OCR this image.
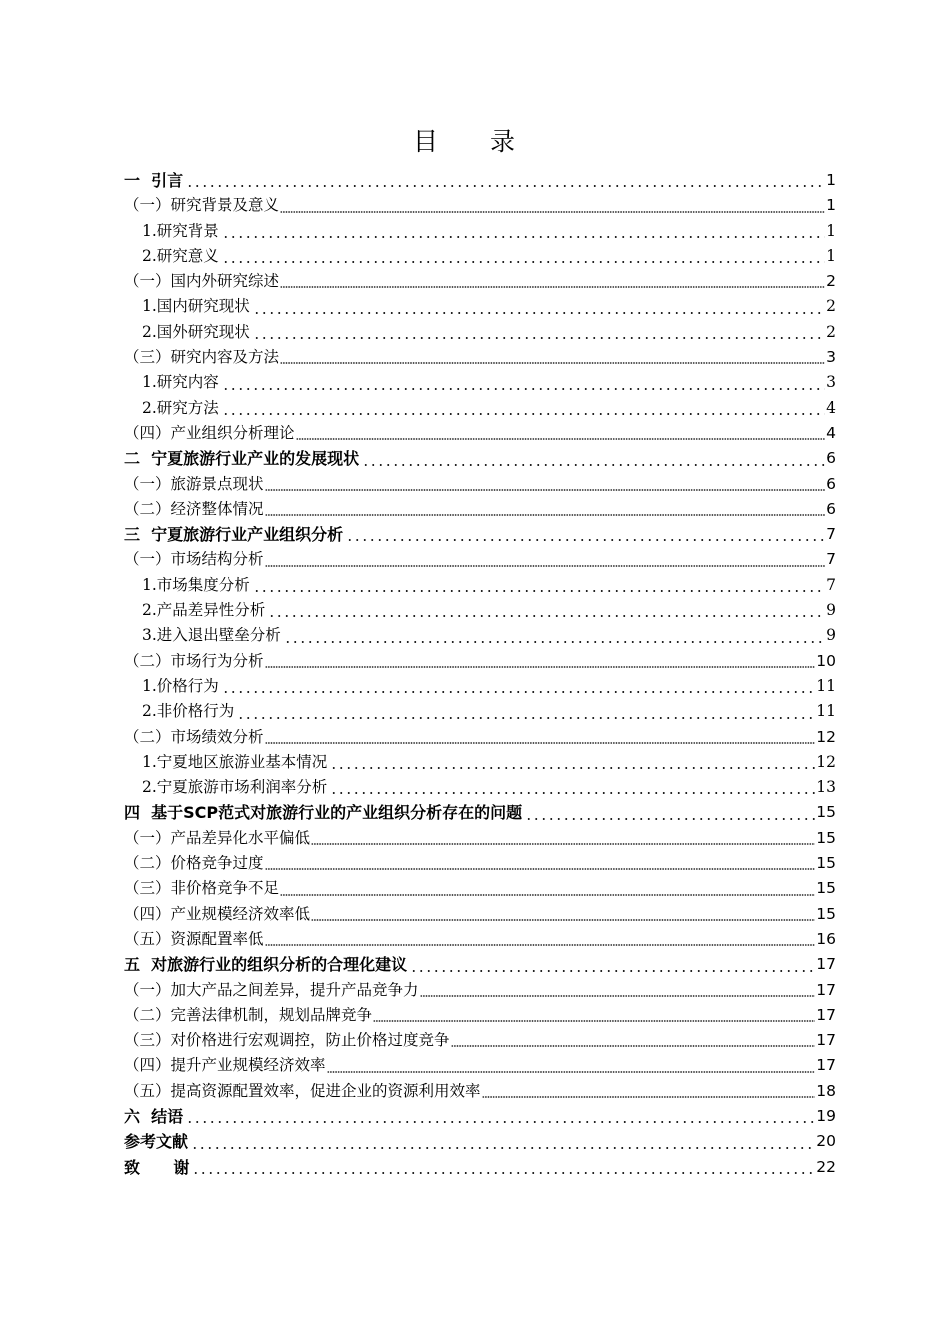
目 录
一  引言	1
（一）研究背景及意义	1
1.研究背景	1
2.研究意义	1
（一）国内外研究综述	2
1.国内研究现状	2
2.国外研究现状	2
（三）研究内容及方法	3
1.研究内容	3
2.研究方法	4
（四）产业组织分析理论	4
二  宁夏旅游行业产业的发展现状	6
（一）旅游景点现状	6
（二）经济整体情况	6
三  宁夏旅游行业产业组织分析	7
（一）市场结构分析	7
1.市场集度分析	7
2.产品差异性分析	9
3.进入退出壁垒分析	9
（二）市场行为分析	10
1.价格行为	11
2.非价格行为	11
（二）市场绩效分析	12
1.宁夏地区旅游业基本情况	12
2.宁夏旅游市场利润率分析	13
四  基于SCP范式对旅游行业的产业组织分析存在的问题	15
（一）产品差异化水平偏低	15
（二）价格竞争过度	15
（三）非价格竞争不足	15
（四）产业规模经济效率低	15
（五）资源配置率低	16
五  对旅游行业的组织分析的合理化建议	17
（一）加大产品之间差异，提升产品竞争力	17
（二）完善法律机制，规划品牌竞争	17
（三）对价格进行宏观调控，防止价格过度竞争	17
（四）提升产业规模经济效率	17
（五）提高资源配置效率，促进企业的资源利用效率	18
六  结语	19
参考文献	20
致      谢	22
